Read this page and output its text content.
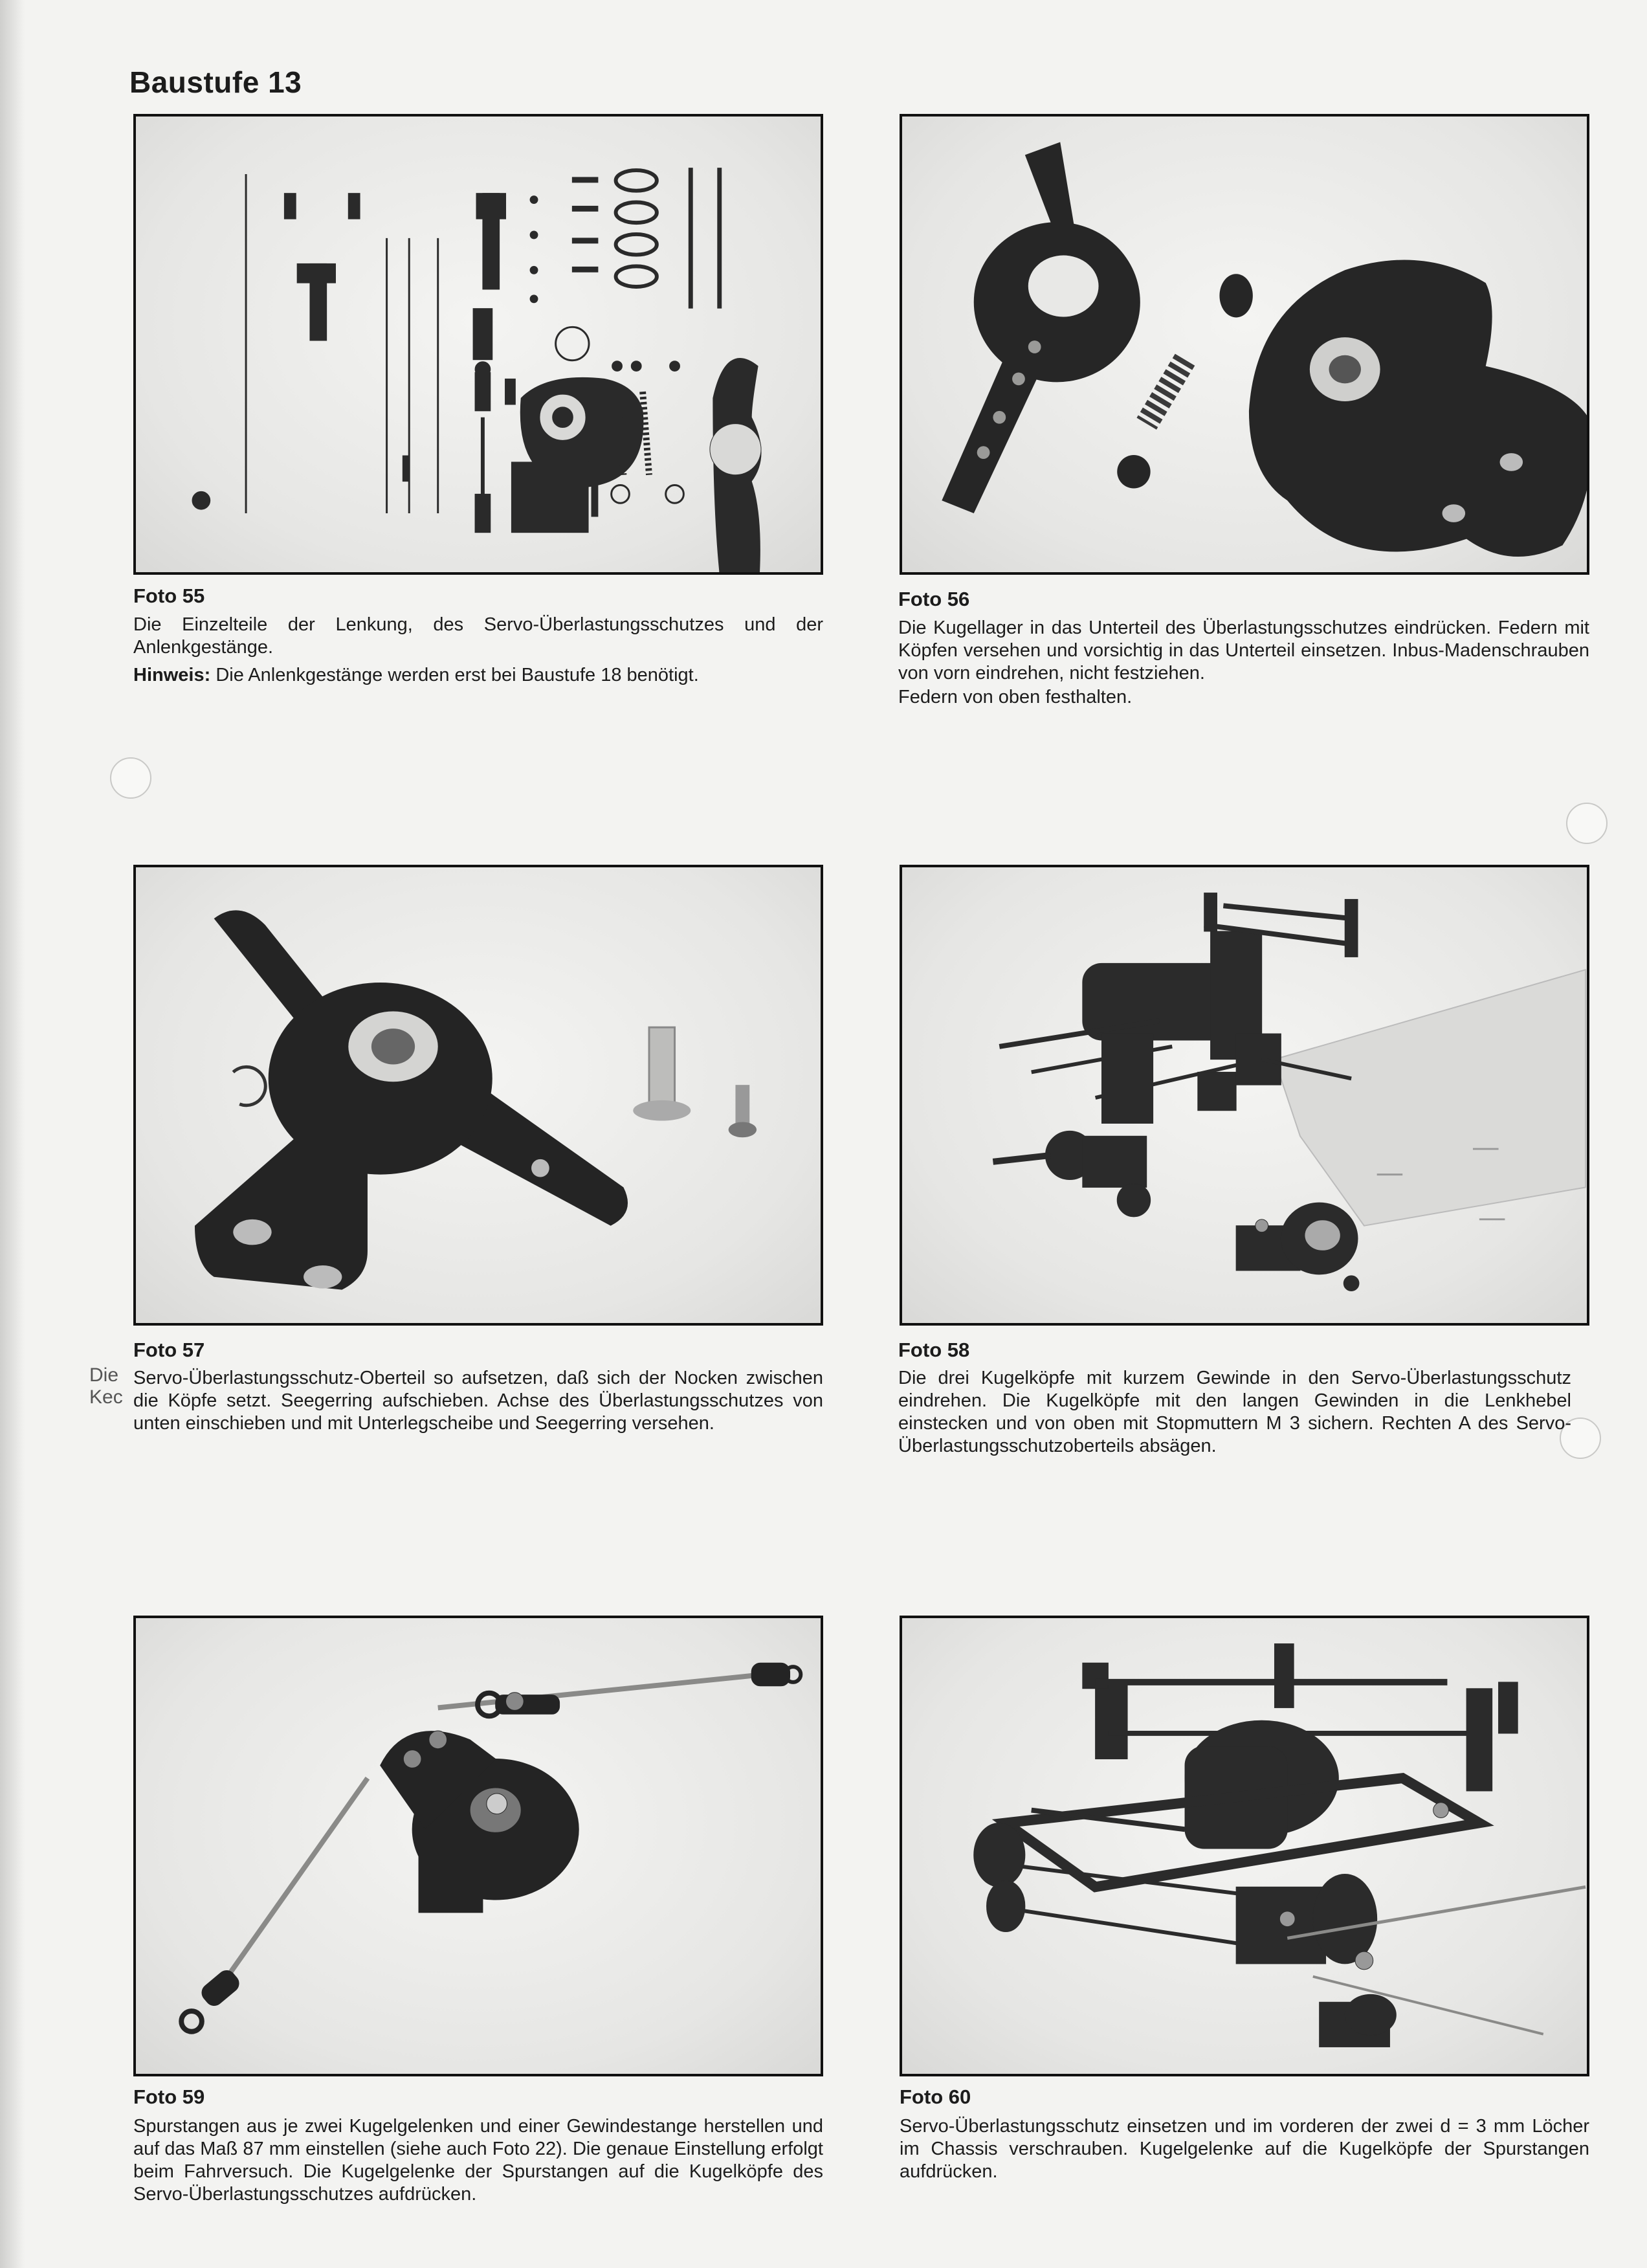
Baustufe 13
Die
Kec
Foto 55

Die Einzelteile der Lenkung, des Servo-Überlastungsschutzes und der Anlenkgestänge.

Hinweis: Die Anlenkgestänge werden erst bei Baustufe 18 benötigt.

Foto 56

Die Kugellager in das Unterteil des Überlastungsschutzes eindrücken. Federn mit Köpfen versehen und vorsichtig in das Unterteil einsetzen. Inbus-Madenschrauben von vorn eindrehen, nicht festziehen.

Federn von oben festhalten.

Foto 57

Servo-Überlastungsschutz-Oberteil so aufsetzen, daß sich der Nocken zwischen die Köpfe setzt. Seegerring aufschieben. Achse des Überlastungsschutzes von unten einschieben und mit Unterlegscheibe und Seegerring versehen.

Foto 58

Die drei Kugelköpfe mit kurzem Gewinde in den Servo-Überlastungsschutz eindrehen. Die Kugelköpfe mit den langen Gewinden in die Lenkhebel einstecken und von oben mit Stopmuttern M 3 sichern. Rechten A des Servo-Überlastungsschutzoberteils absägen.

Foto 59

Spurstangen aus je zwei Kugelgelenken und einer Gewindestange herstellen und auf das Maß 87 mm einstellen (siehe auch Foto 22). Die genaue Einstellung erfolgt beim Fahrversuch. Die Kugelgelenke der Spurstangen auf die Kugelköpfe des Servo-Überlastungsschutzes aufdrücken.

Foto 60

Servo-Überlastungsschutz einsetzen und im vorderen der zwei d = 3 mm Löcher im Chassis verschrauben. Kugelgelenke auf die Kugelköpfe der Spurstangen aufdrücken.
